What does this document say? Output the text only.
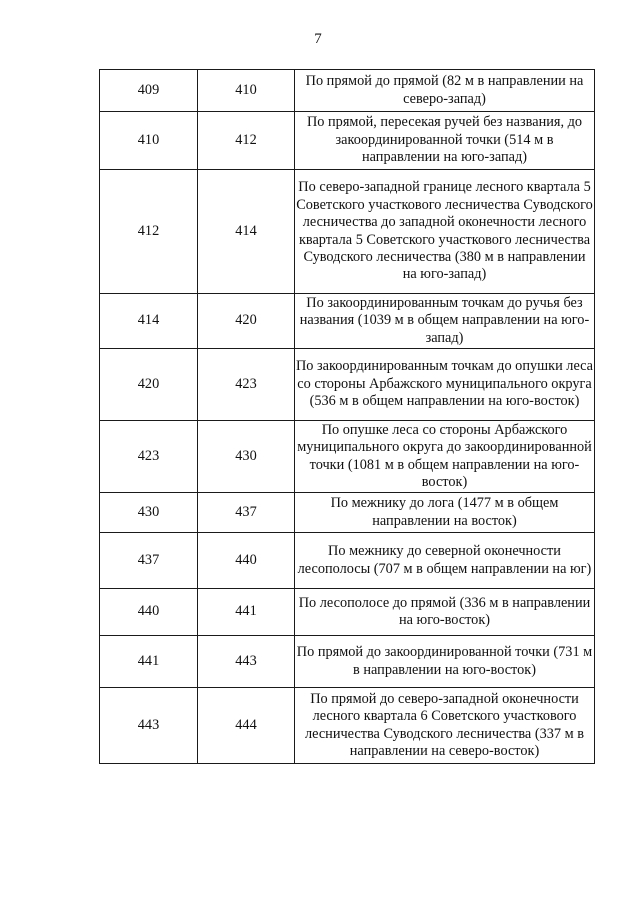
7
409	410	По прямой до прямой (82 м в направлении на северо-запад)
410	412	По прямой, пересекая ручей без названия, до закоординированной точки (514 м в направлении на юго-запад)
412	414	По северо-западной границе лесного квартала 5 Советского участкового лесничества Суводского лесничества до западной оконечности лесного квартала 5 Советского участкового лесничества Суводского лесничества (380 м в направлении на юго-запад)
414	420	По закоординированным точкам до ручья без названия (1039 м в общем направлении на юго-запад)
420	423	По закоординированным точкам до опушки леса со стороны Арбажского муниципального округа (536 м в общем направлении на юго-восток)
423	430	По опушке леса со стороны Арбажского муниципального округа до закоординированной точки (1081 м в общем направлении на юго-восток)
430	437	По межнику до лога (1477 м в общем направлении на восток)
437	440	По межнику до северной оконечности лесополосы (707 м в общем направлении на юг)
440	441	По лесополосе до прямой (336 м в направлении на юго-восток)
441	443	По прямой до закоординированной точки (731 м в направлении на юго-восток)
443	444	По прямой до северо-западной оконечности лесного квартала 6 Советского участкового лесничества Суводского лесничества (337 м в направлении на северо-восток)
